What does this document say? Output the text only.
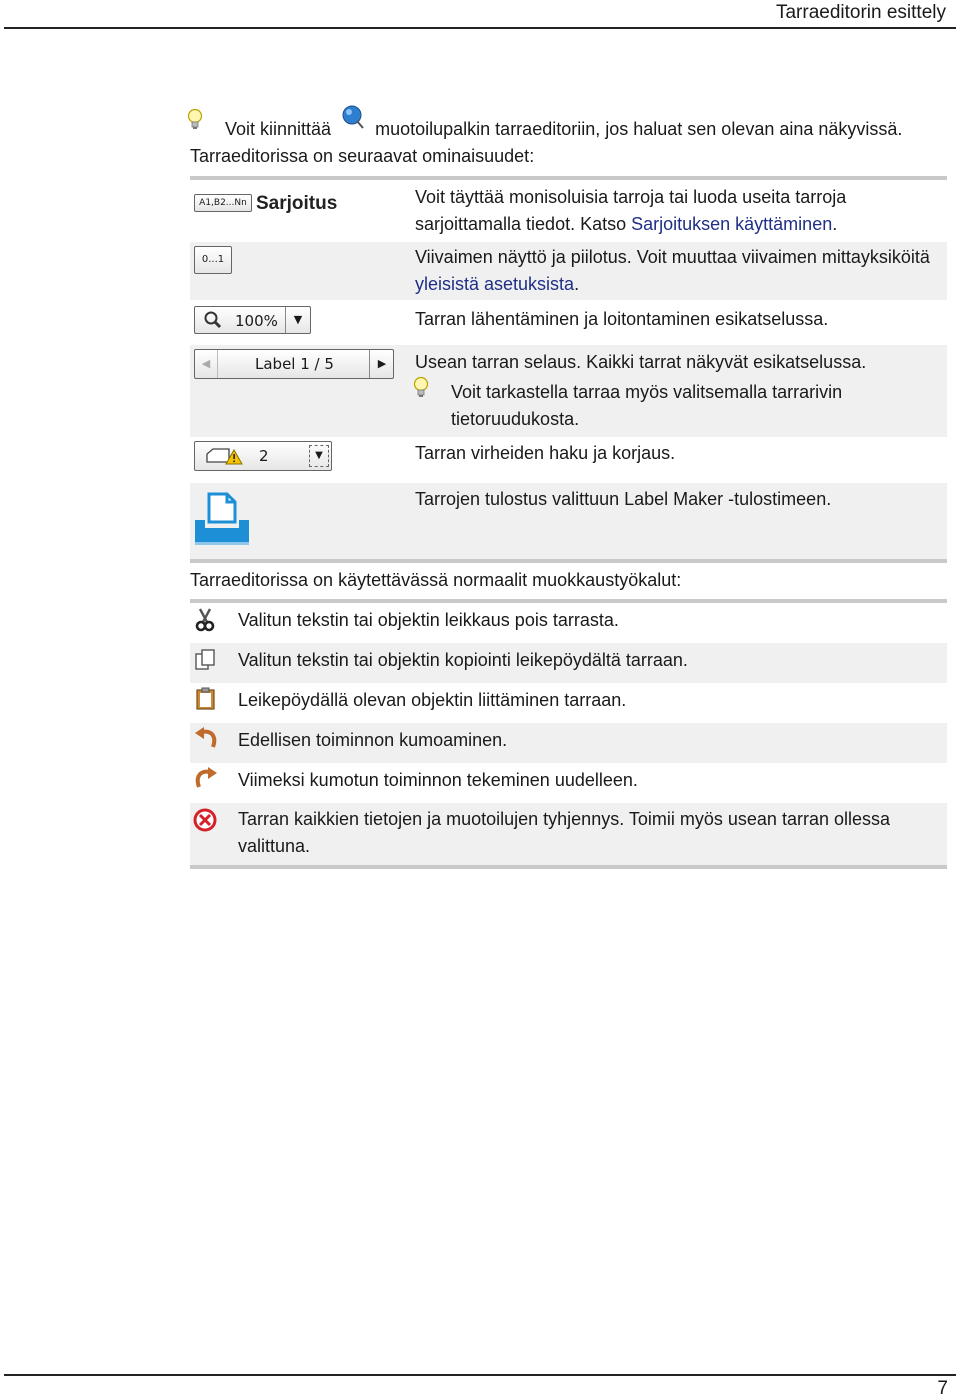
Tarraeditorin esittely
Voit kiinnittää muotoilupalkin tarraeditoriin, jos haluat sen olevan aina näkyvissä.
Tarraeditorissa on seuraavat ominaisuudet:
A1,B2...Nn Sarjoitus	Voit täyttää monisoluisia tarroja tai luoda useita tarroja sarjoittamalla tiedot. Katso Sarjoituksen käyttäminen.
0...1	Viivaimen näyttö ja piilotus. Voit muuttaa viivaimen mittayksiköitä yleisistä asetuksista.
100%	▼	Tarran lähentäminen ja loitontaminen esikatselussa.
◀	Label 1 / 5	▶	Usean tarran selaus. Kaikki tarrat näkyvät esikatselussa.
Voit tarkastella tarraa myös valitsemalla tarrarivin tietoruudukosta.
2	▼	Tarran virheiden haku ja korjaus.
Tarrojen tulostus valittuun Label Maker -tulostimeen.
Tarraeditorissa on käytettävässä normaalit muokkaustyökalut:
Valitun tekstin tai objektin leikkaus pois tarrasta.
Valitun tekstin tai objektin kopiointi leikepöydältä tarraan.
Leikepöydällä olevan objektin liittäminen tarraan.
Edellisen toiminnon kumoaminen.
Viimeksi kumotun toiminnon tekeminen uudelleen.
Tarran kaikkien tietojen ja muotoilujen tyhjennys. Toimii myös usean tarran ollessa valittuna.
7
